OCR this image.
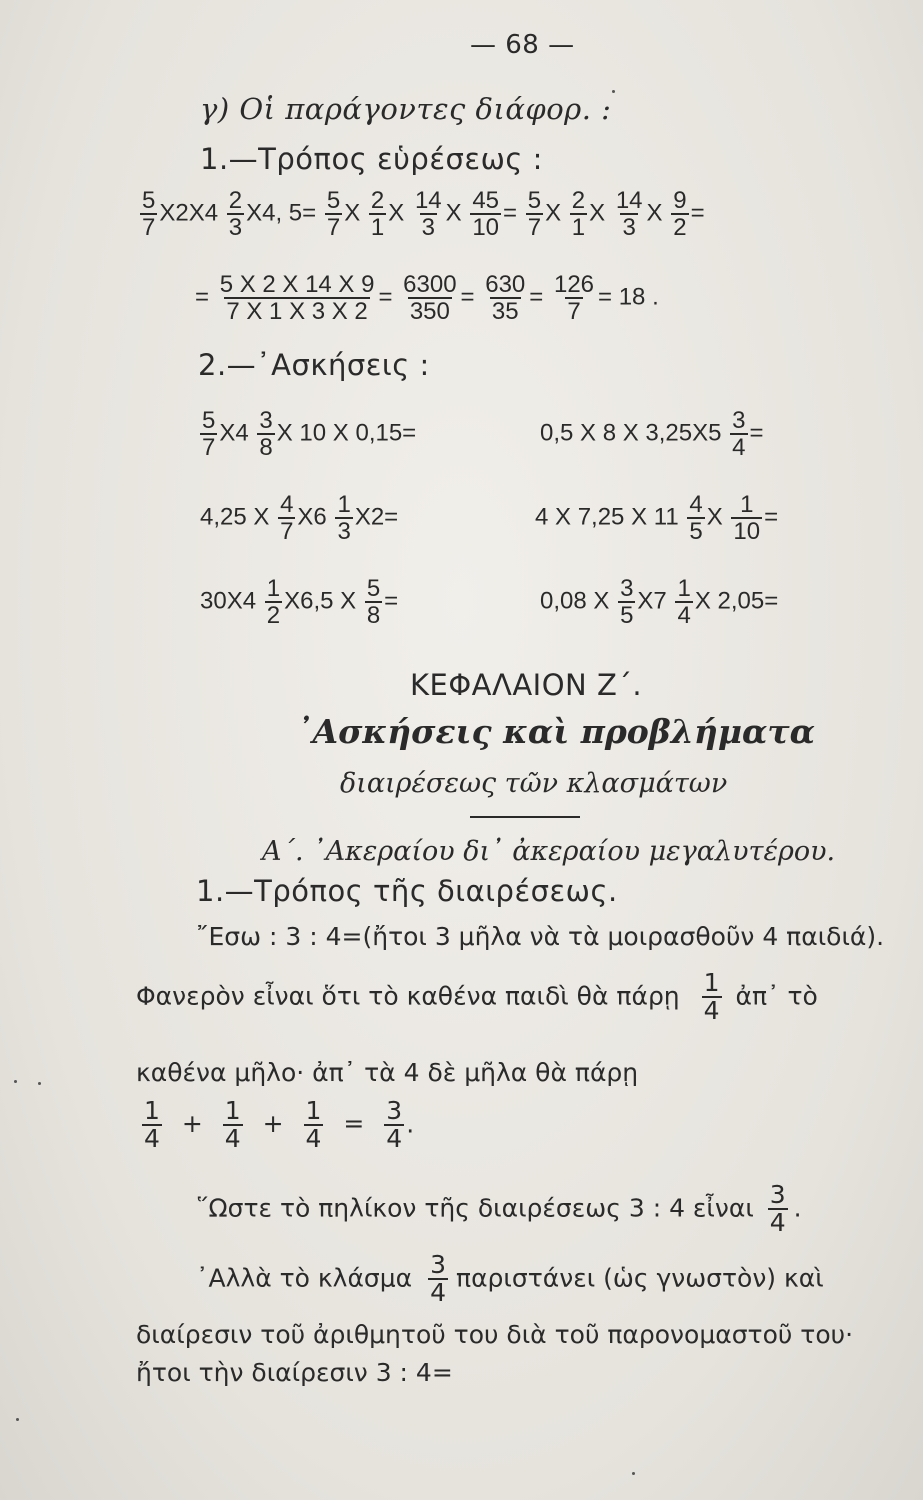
— 68 —
γ) Οἱ παράγοντες διάφορ. :
1.—Τρόπος εὑρέσεως :
$\frac{5}{7} X2X4 \frac{2}{3} X4$, $5= \frac{5}{7}$ Χ $\frac{2}{1}$ Χ $\frac{14}{3}$ Χ $\frac{45}{10} = \frac{5}{7}$ Χ $\frac{2}{1}$ Χ $\frac{14}{3}$ Χ $\frac{9}{2}$ =
= $\frac{5 X 2 X 14 X 9}{7 X 1 X 3 X 2} = \frac{6300}{350} = \frac{630}{35} = \frac{126}{7} = 18$ .
2.—᾿Ασκήσεις :
$\frac{5}{7} X4 \frac{3}{8}$ Χ 10 Χ 0,15=	0,5 Χ 8 Χ $3,25X5 \frac{3}{4}$ =
4,25 Χ $\frac{4}{7} X6 \frac{1}{3} X2=$	4 Χ 7,25 Χ $11 \frac{4}{5}$ Χ $\frac{1}{10}$ =
$30X4 \frac{1}{2} X6,5$ Χ $\frac{5}{8}$ =	0,08 Χ $\frac{3}{5} X7 \frac{1}{4}$ Χ 2,05=
ΚΕΦΑΛΑΙΟΝ Ζ΄.
᾿Ασκήσεις καὶ προβλήματα
διαιρέσεως τῶν κλασμάτων
Α΄. ᾿Ακεραίου δι᾿ ἀκεραίου μεγαλυτέρου.
1.—Τρόπος τῆς διαιρέσεως.
῎Εσω : 3 : 4=(ἤτοι 3 μῆλα νὰ τὰ μοιρασθοῦν 4 παιδιά).
Φανερὸν εἶναι ὅτι τὸ καθένα παιδὶ θὰ πάρῃ $\frac{1}{4}$ ἀπ᾿ τὸ
καθένα μῆλο· ἀπ᾿ τὰ 4 δὲ μῆλα θὰ πάρῃ
$\frac{1}{4} + \frac{1}{4} + \frac{1}{4} = \frac{3}{4}$ .
῞Ωστε τὸ πηλίκον τῆς διαιρέσεως 3 : 4 εἶναι $\frac{3}{4}$ .
᾿Αλλὰ τὸ κλάσμα $\frac{3}{4}$ παριστάνει (ὡς γνωστὸν) καὶ
διαίρεσιν τοῦ ἀριθμητοῦ του διὰ τοῦ παρονομαστοῦ του·
ἤτοι τὴν διαίρεσιν 3 : 4=
